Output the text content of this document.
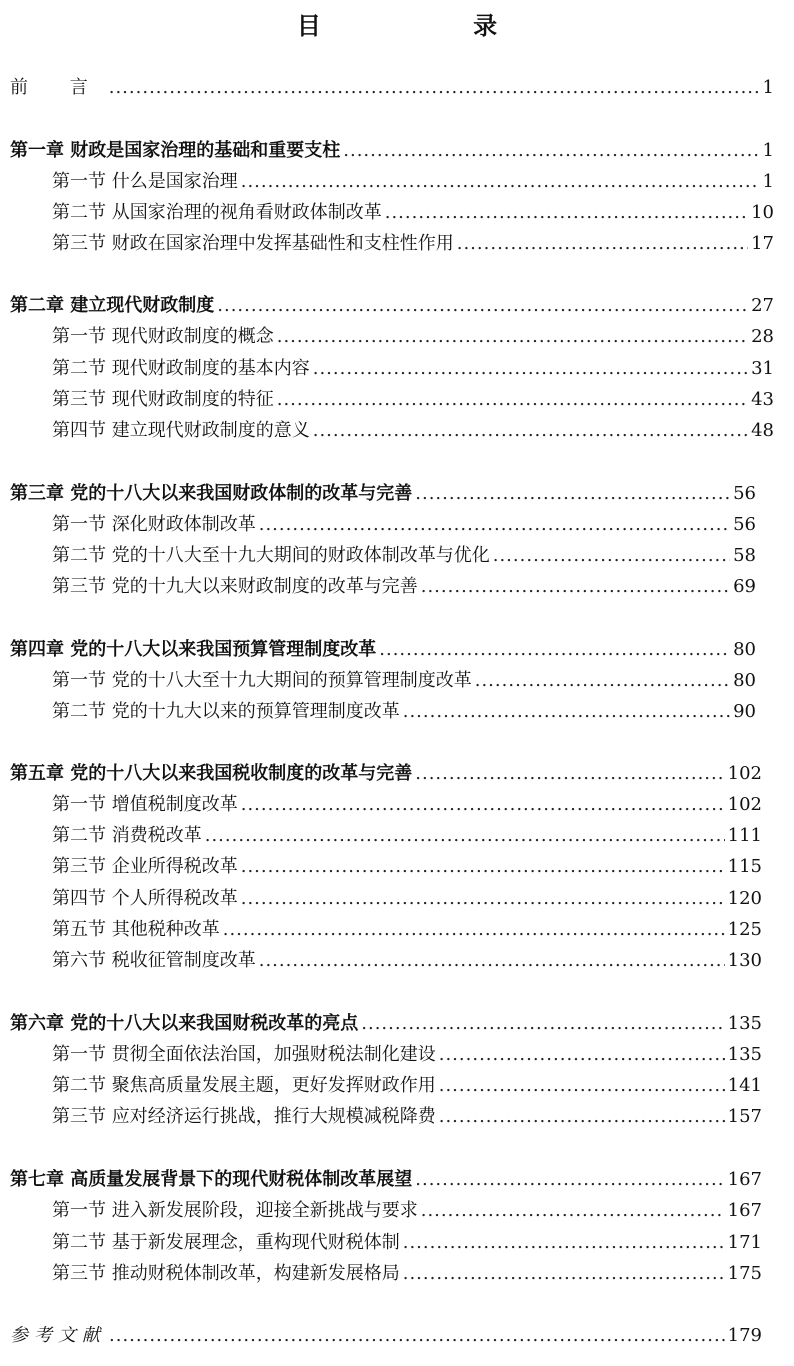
目 录
前 言 .....	1
第一章 财政是国家治理的基础和重要支柱 .....	1
第一节 什么是国家治理 .....	1
第二节 从国家治理的视角看财政体制改革 .....	10
第三节 财政在国家治理中发挥基础性和支柱性作用 .....	17
第二章 建立现代财政制度 .....	27
第一节 现代财政制度的概念 .....	28
第二节 现代财政制度的基本内容 .....	31
第三节 现代财政制度的特征 .....	43
第四节 建立现代财政制度的意义 .....	48
第三章 党的十八大以来我国财政体制的改革与完善 .....	56
第一节 深化财政体制改革 .....	56
第二节 党的十八大至十九大期间的财政体制改革与优化 .....	58
第三节 党的十九大以来财政制度的改革与完善 .....	69
第四章 党的十八大以来我国预算管理制度改革 .....	80
第一节 党的十八大至十九大期间的预算管理制度改革 .....	80
第二节 党的十九大以来的预算管理制度改革 .....	90
第五章 党的十八大以来我国税收制度的改革与完善 .....	102
第一节 增值税制度改革 .....	102
第二节 消费税改革 .....	111
第三节 企业所得税改革 .....	115
第四节 个人所得税改革 .....	120
第五节 其他税种改革 .....	125
第六节 税收征管制度改革 .....	130
第六章 党的十八大以来我国财税改革的亮点 .....	135
第一节 贯彻全面依法治国，加强财税法制化建设 .....	135
第二节 聚焦高质量发展主题，更好发挥财政作用 .....	141
第三节 应对经济运行挑战，推行大规模减税降费 .....	157
第七章 高质量发展背景下的现代财税体制改革展望 .....	167
第一节 进入新发展阶段，迎接全新挑战与要求 .....	167
第二节 基于新发展理念，重构现代财税体制 .....	171
第三节 推动财税体制改革，构建新发展格局 .....	175
参考文献 .....	179
